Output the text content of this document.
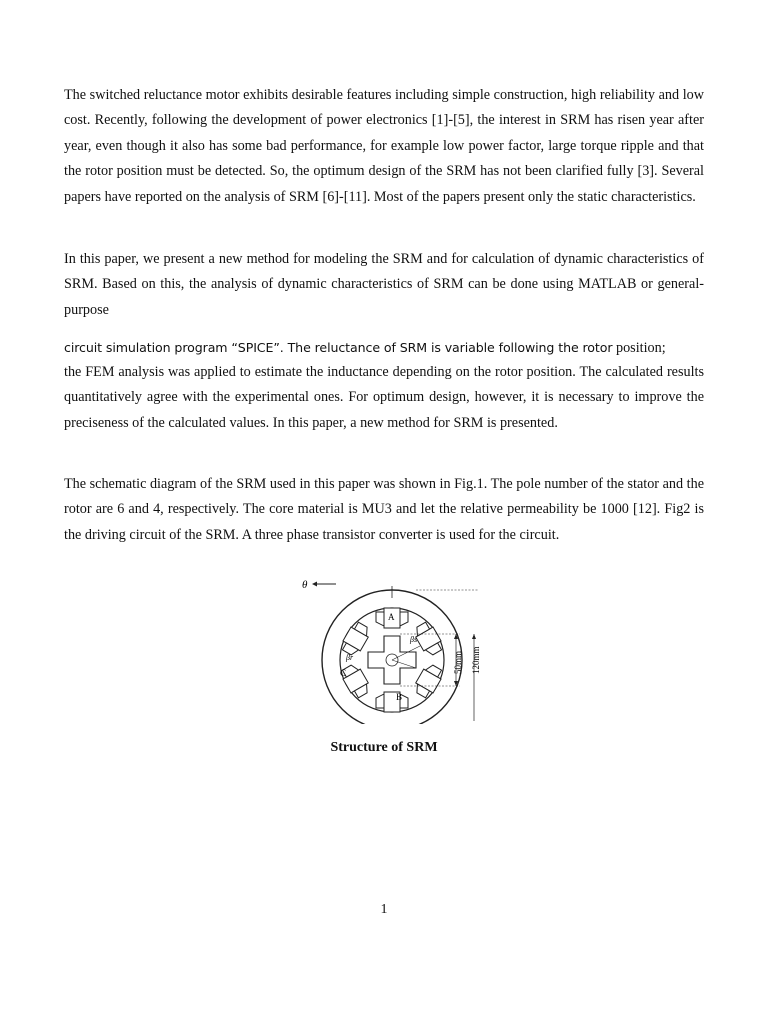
The switched reluctance motor exhibits desirable features including simple construction, high reliability and low cost. Recently, following the development of power electronics [1]-[5], the interest in SRM has risen year after year, even though it also has some bad performance, for example low power factor, large torque ripple and that the rotor position must be detected. So, the optimum design of the SRM has not been clarified fully [3]. Several papers have reported on the analysis of SRM [6]-[11]. Most of the papers present only the static characteristics.

In this paper, we present a new method for modeling the SRM and for calculation of dynamic characteristics of SRM. Based on this, the analysis of dynamic characteristics of SRM can be done using MATLAB or general-purpose

circuit simulation program “SPICE”. The reluctance of SRM is variable following the rotor position;

the FEM analysis was applied to estimate the inductance depending on the rotor position. The calculated results quantitatively agree with the experimental ones. For optimum design, however, it is necessary to improve the preciseness of the calculated values. In this paper, a new method for SRM is presented.

The schematic diagram of the SRM used in this paper was shown in Fig.1. The pole number of the stator and the rotor are 6 and 4, respectively. The core material is MU3 and let the relative permeability be 1000 [12]. Fig2 is the driving circuit of the SRM. A three phase transistor converter is used for the circuit.

θ
A
B
C
βs
βr	50mm 120mm
Structure of SRM
1
